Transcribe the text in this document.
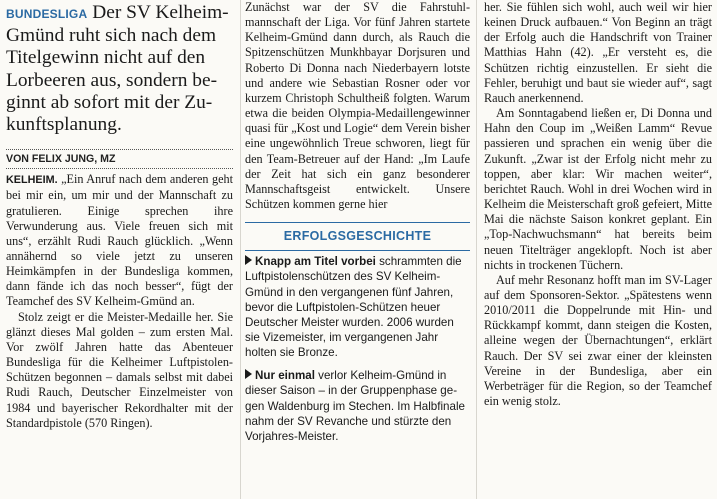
BUNDESLIGA Der SV Kelheim- Gmünd ruht sich nach dem Titelgewinn nicht auf den Lorbeeren aus, sondern beginnt ab sofort mit der Zukunftsplanung.

VON FELIX JUNG, MZ

KELHEIM. „Ein Anruf nach dem anderen geht bei mir ein, um mir und der Mannschaft zu gratulieren. Einige sprechen ihre Verwunderung aus. Viele freuen sich mit uns“, erzählt Rudi Rauch glücklich. „Wenn annähernd so viele jetzt zu unseren Heimkämpfen in der Bundesliga kommen, dann fände ich das noch besser“, fügt der Teamchef des SV Kelheim-Gmünd an.

Stolz zeigt er die Meister-Medaille her. Sie glänzt dieses Mal golden – zum ersten Mal. Vor zwölf Jahren hatte das Abenteuer Bundesliga für die Kelheimer Luftpistolen-Schützen begonnen – damals selbst mit dabei Rudi Rauch, Deutscher Einzelmeister von 1984 und bayerischer Rekordhalter mit der Standardpistole (570 Ringen).

Zunächst war der SV die Fahrstuhlmannschaft der Liga. Vor fünf Jahren startete Kelheim-Gmünd dann durch, als Rauch die Spitzenschützen Munkhbayar Dorjsuren und Roberto Di Donna nach Niederbayern lotste und andere wie Sebastian Rosner oder vor kurzem Christoph Schultheiß folgten. Warum etwa die beiden Olympia-Medaillengewinner quasi für „Kost und Logie“ dem Verein bisher eine ungewöhnlich Treue schworen, liegt für den Team-Betreuer auf der Hand: „Im Laufe der Zeit hat sich ein ganz besonderer Mannschaftsgeist entwickelt. Unsere Schützen kommen gerne hier

ERFOLGSGESCHICHTE

Knapp am Titel vorbei schrammten die Luftpistolenschützen des SV Kelheim-Gmünd in den vergangenen fünf Jahren, bevor die Luftpistolen-Schützen heuer Deutscher Meister wurden. 2006 wurden sie Vizemeister, im vergangenen Jahr holten sie Bronze.

Nur einmal verlor Kelheim-Gmünd in dieser Saison – in der Gruppenphase gegen Waldenburg im Stechen. Im Halbfinale nahm der SV Revanche und stürzte den Vorjahres-Meister.

her. Sie fühlen sich wohl, auch weil wir hier keinen Druck aufbauen.“ Von Beginn an trägt der Erfolg auch die Handschrift von Trainer Matthias Hahn (42). „Er versteht es, die Schützen richtig einzustellen. Er sieht die Fehler, beruhigt und baut sie wieder auf“, sagt Rauch anerkennend.

Am Sonntagabend ließen er, Di Donna und Hahn den Coup im „Weißen Lamm“ Revue passieren und sprachen ein wenig über die Zukunft. „Zwar ist der Erfolg nicht mehr zu toppen, aber klar: Wir machen weiter“, berichtet Rauch. Wohl in drei Wochen wird in Kelheim die Meisterschaft groß gefeiert, Mitte Mai die nächste Saison konkret geplant. Ein „Top-Nachwuchsmann“ hat bereits beim neuen Titelträger angeklopft. Noch ist aber nichts in trockenen Tüchern.

Auf mehr Resonanz hofft man im SV-Lager auf dem Sponsoren-Sektor. „Spätestens wenn 2010/2011 die Doppelrunde mit Hin- und Rückkampf kommt, dann steigen die Kosten, alleine wegen der Übernachtungen“, erklärt Rauch. Der SV sei zwar einer der kleinsten Vereine in der Bundesliga, aber ein Werbeträger für die Region, so der Teamchef ein wenig stolz.
